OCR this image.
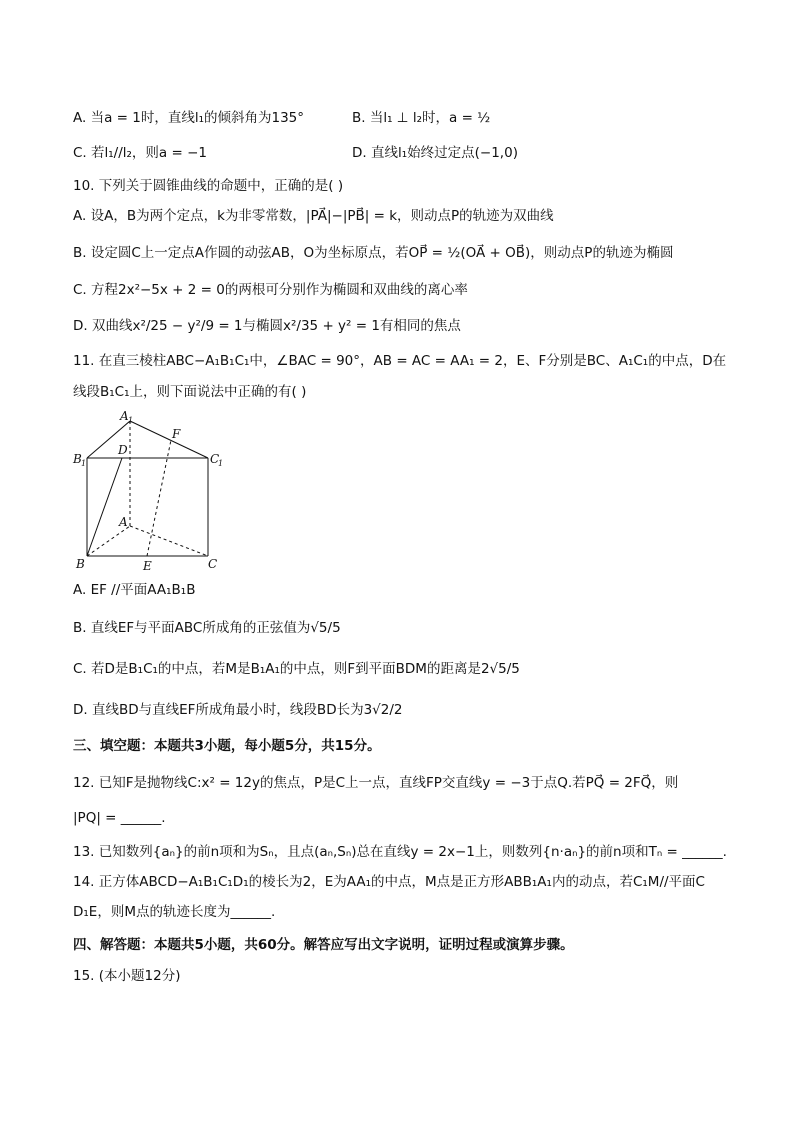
A. 当a = 1时，直线l₁的倾斜角为135°	B. 当l₁ ⊥ l₂时，a = ½
C. 若l₁//l₂，则a = −1	D. 直线l₁始终过定点(−1,0)
10. 下列关于圆锥曲线的命题中，正确的是( )
A. 设A，B为两个定点，k为非零常数，|PA⃗|−|PB⃗| = k，则动点P的轨迹为双曲线
B. 设定圆C上一定点A作圆的动弦AB，O为坐标原点，若OP⃗ = ½(OA⃗ + OB⃗)，则动点P的轨迹为椭圆
C. 方程2x²−5x + 2 = 0的两根可分别作为椭圆和双曲线的离心率
D. 双曲线x²/25 − y²/9 = 1与椭圆x²/35 + y² = 1有相同的焦点
11. 在直三棱柱ABC−A₁B₁C₁中，∠BAC = 90°，AB = AC = AA₁ = 2，E、F分别是BC、A₁C₁的中点，D在
线段B₁C₁上，则下面说法中正确的有( )
A 1
B 1	C
1
D
F
A
B	C
E
A. EF //平面AA₁B₁B
B. 直线EF与平面ABC所成角的正弦值为√5/5
C. 若D是B₁C₁的中点，若M是B₁A₁的中点，则F到平面BDM的距离是2√5/5
D. 直线BD与直线EF所成角最小时，线段BD长为3√2/2
三、填空题：本题共3小题，每小题5分，共15分。
12. 已知F是抛物线C:x² = 12y的焦点，P是C上一点，直线FP交直线y = −3于点Q.若PQ⃗ = 2FQ⃗，则
|PQ| = ______.
13. 已知数列{aₙ}的前n项和为Sₙ，且点(aₙ,Sₙ)总在直线y = 2x−1上，则数列{n·aₙ}的前n项和Tₙ = ______.
14. 正方体ABCD−A₁B₁C₁D₁的棱长为2，E为AA₁的中点，M点是正方形ABB₁A₁内的动点，若C₁M//平面C
D₁E，则M点的轨迹长度为______.
四、解答题：本题共5小题，共60分。解答应写出文字说明，证明过程或演算步骤。
15. (本小题12分)
